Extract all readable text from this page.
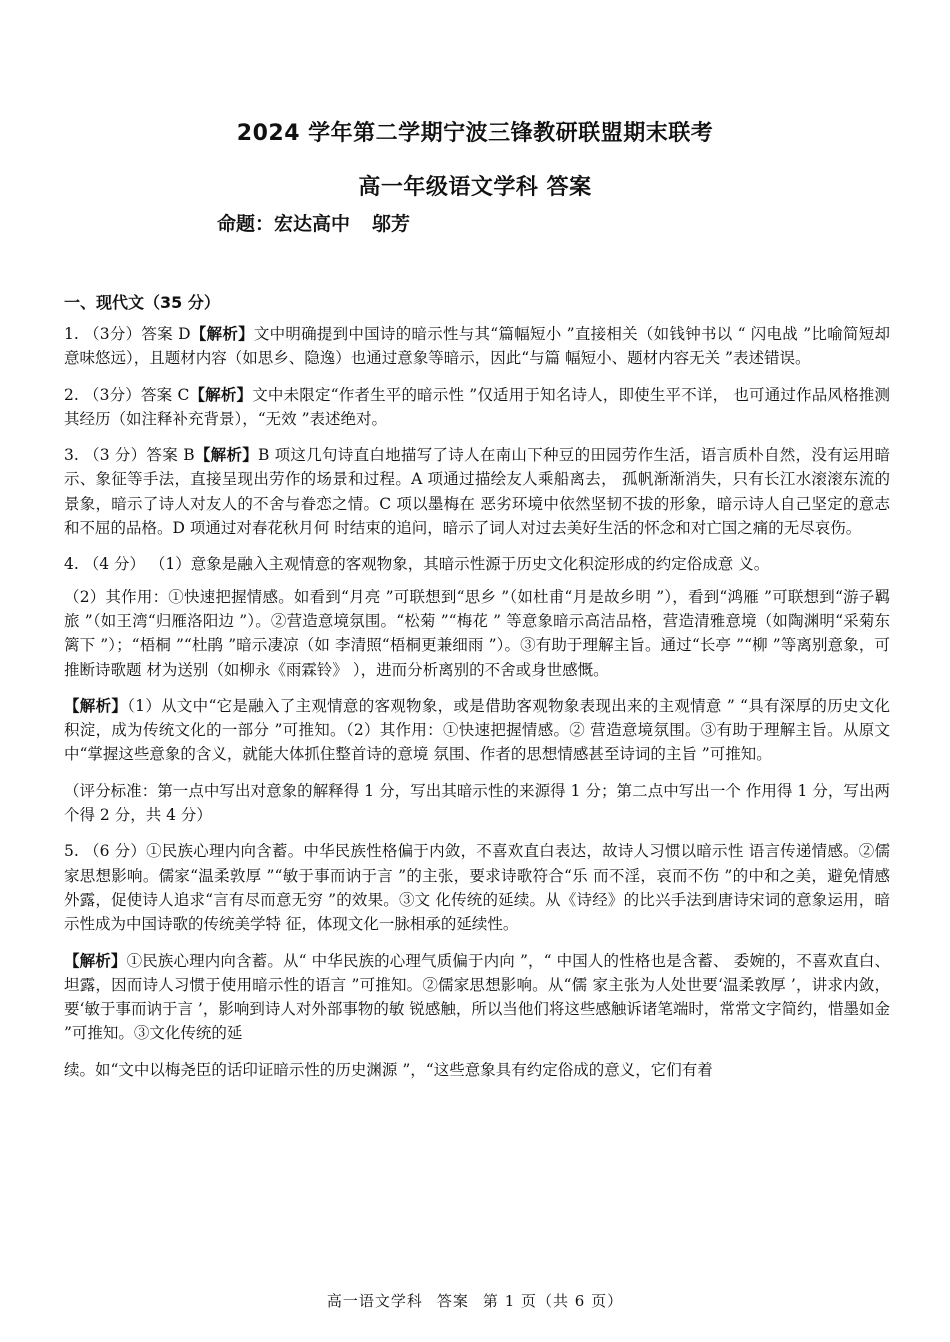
2024 学年第二学期宁波三锋教研联盟期末联考
高一年级语文学科 答案
命题：宏达高中 邬芳
一、现代文（35 分）

1. （3分）答案 D【解析】文中明确提到中国诗的暗示性与其“篇幅短小 ”直接相关（如钱钟书以 “ 闪电战 ”比喻简短却意味悠远），且题材内容（如思乡、隐逸）也通过意象等暗示，因此“与篇 幅短小、题材内容无关 ”表述错误。

2. （3分）答案 C【解析】文中未限定“作者生平的暗示性 ”仅适用于知名诗人，即使生平不详， 也可通过作品风格推测其经历（如注释补充背景），“无效 ”表述绝对。

3. （3 分）答案 B【解析】B 项这几句诗直白地描写了诗人在南山下种豆的田园劳作生活，语言质朴自然，没有运用暗示、象征等手法，直接呈现出劳作的场景和过程。A 项通过描绘友人乘船离去， 孤帆渐渐消失，只有长江水滚滚东流的景象，暗示了诗人对友人的不舍与眷恋之情。C 项以墨梅在 恶劣环境中依然坚韧不拔的形象，暗示诗人自己坚定的意志和不屈的品格。D 项通过对春花秋月何 时结束的追问，暗示了词人对过去美好生活的怀念和对亡国之痛的无尽哀伤。

4. （4 分） （1）意象是融入主观情意的客观物象，其暗示性源于历史文化积淀形成的约定俗成意 义。

（2）其作用：①快速把握情感。如看到“月亮 ”可联想到“思乡 ”（如杜甫“月是故乡明 ”），看到“鸿雁 ”可联想到“游子羁旅 ”（如王湾“归雁洛阳边 ”）。②营造意境氛围。“松菊 ”“梅花 ” 等意象暗示高洁品格，营造清雅意境（如陶渊明“采菊东篱下 ”）；“梧桐 ”“杜鹃 ”暗示凄凉（如 李清照“梧桐更兼细雨 ”）。③有助于理解主旨。通过“长亭 ”“柳 ”等离别意象，可推断诗歌题 材为送别（如柳永《雨霖铃》 ），进而分析离别的不舍或身世感慨。

【解析】（1）从文中“它是融入了主观情意的客观物象，或是借助客观物象表现出来的主观情意 ” “具有深厚的历史文化积淀，成为传统文化的一部分 ”可推知。（2）其作用：①快速把握情感。② 营造意境氛围。③有助于理解主旨。从原文中“掌握这些意象的含义，就能大体抓住整首诗的意境 氛围、作者的思想情感甚至诗词的主旨 ”可推知。

（评分标准：第一点中写出对意象的解释得 1 分，写出其暗示性的来源得 1 分；第二点中写出一个 作用得 1 分，写出两个得 2 分，共 4 分）

5. （6 分）①民族心理内向含蓄。中华民族性格偏于内敛，不喜欢直白表达，故诗人习惯以暗示性 语言传递情感。②儒家思想影响。儒家“温柔敦厚 ”“敏于事而讷于言 ”的主张，要求诗歌符合“乐 而不淫，哀而不伤 ”的中和之美，避免情感外露，促使诗人追求“言有尽而意无穷 ”的效果。③文 化传统的延续。从《诗经》的比兴手法到唐诗宋词的意象运用，暗示性成为中国诗歌的传统美学特 征，体现文化一脉相承的延续性。

【解析】①民族心理内向含蓄。从“ 中华民族的心理气质偏于内向 ”，“ 中国人的性格也是含蓄、 委婉的，不喜欢直白、坦露，因而诗人习惯于使用暗示性的语言 ”可推知。②儒家思想影响。从“儒 家主张为人处世要‘温柔敦厚 ’，讲求内敛，要‘敏于事而讷于言 ’，影响到诗人对外部事物的敏 锐感触，所以当他们将这些感触诉诸笔端时，常常文字简约，惜墨如金 ”可推知。③文化传统的延

续。如“文中以梅尧臣的话印证暗示性的历史渊源 ”，“这些意象具有约定俗成的意义，它们有着

高一语文学科 答案 第 1 页（共 6 页）
